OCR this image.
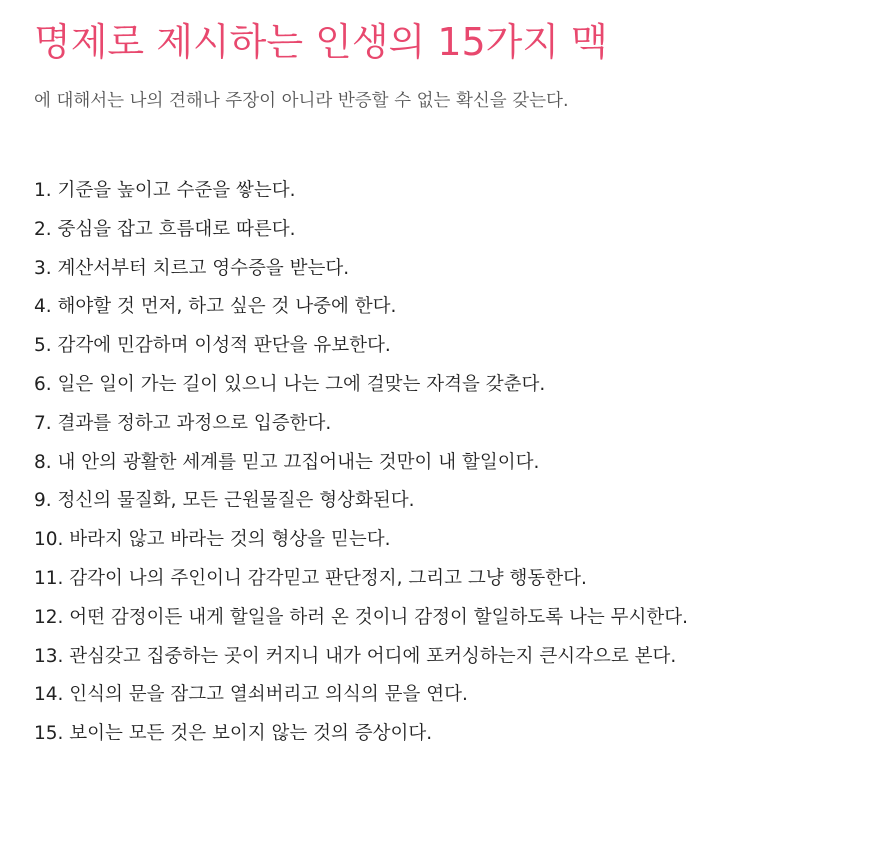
명제로 제시하는 인생의 15가지 맥

에 대해서는 나의 견해나 주장이 아니라 반증할 수 없는 확신을 갖는다.

1. 기준을 높이고 수준을 쌓는다.
2. 중심을 잡고 흐름대로 따른다.
3. 계산서부터 치르고 영수증을 받는다.
4. 해야할 것 먼저, 하고 싶은 것 나중에 한다.
5. 감각에 민감하며 이성적 판단을 유보한다.
6. 일은 일이 가는 길이 있으니 나는 그에 걸맞는 자격을 갖춘다.
7. 결과를 정하고 과정으로 입증한다.
8. 내 안의 광활한 세계를 믿고 끄집어내는 것만이 내 할일이다.
9. 정신의 물질화, 모든 근원물질은 형상화된다.
10. 바라지 않고 바라는 것의 형상을 믿는다.
11. 감각이 나의 주인이니 감각믿고 판단정지, 그리고 그냥 행동한다.
12. 어떤 감정이든 내게 할일을 하러 온 것이니 감정이 할일하도록 나는 무시한다.
13. 관심갖고 집중하는 곳이 커지니 내가 어디에 포커싱하는지 큰시각으로 본다.
14. 인식의 문을 잠그고 열쇠버리고 의식의 문을 연다.
15. 보이는 모든 것은 보이지 않는 것의 증상이다.
